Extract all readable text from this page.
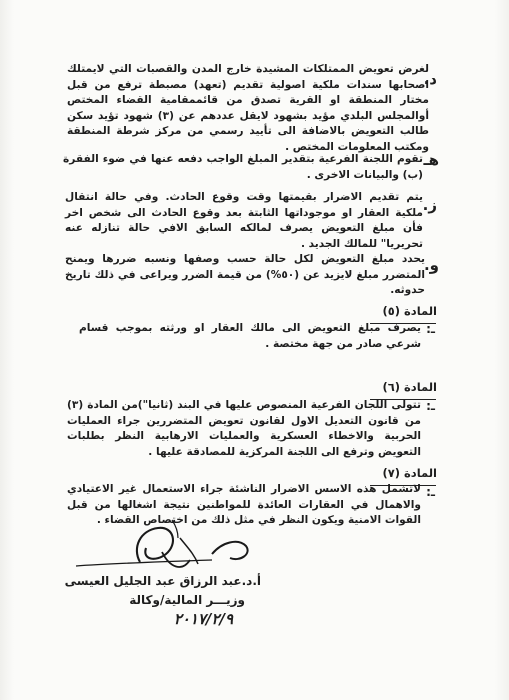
د.
لغرض تعويض الممتلكات المشيدة خارج المدن والقصبات التي لايمتلك اصحابها سندات ملكية اصولية تقديم (تعهد) مصبطة ترفع من قبل مختار المنطقة او القرية تصدق من قائممقامية القضاء المختص أوالمجلس البلدي مؤيد بشهود لايقل عددهم عن (٣) شهود تؤيد سكن طالب التعويض بالاضافة الى تأييد رسمي من مركز شرطة المنطقة ومكتب المعلومات المختص .
هـ
تقوم اللجنة الفرعية بتقدير المبلغ الواجب دفعه عنها في ضوء الفقرة (ب) والبيانات الاخرى .
ز.
يتم تقديم الاضرار بقيمتها وقت وقوع الحادث. وفي حالة انتقال ملكية العقار او موجوداتها الثابتة بعد وقوع الحادث الى شخص اخر فأن مبلغ التعويض يصرف لمالكه السابق الافي حالة تنازله عنه تحريريا" للمالك الجديد .
و.
يحدد مبلغ التعويض لكل حالة حسب وصفها ونسبه ضررها ويمنح المتضرر مبلغ لايزيد عن (٥٠%) من قيمة الضرر ويراعى في ذلك تاريخ حدوثه.
المادة (٥)
ـ:
يصرف مبلغ التعويض الى مالك العقار او ورثته بموجب قسام شرعي صادر من جهة مختصة .
المادة (٦)
ـ:
تتولى اللجان الفرعية المنصوص عليها في البند (ثانيا")من المادة (٣) من قانون التعديل الاول لقانون تعويض المتضررين جراء العمليات الحربية والاخطاء العسكرية والعمليات الارهابية النظر بطلبات التعويض وترفع الى اللجنة المركزية للمصادقة عليها .
المادة (٧)
ـ:
لاتشمل هذه الاسس الاضرار الناشئة جراء الاستعمال غير الاعتيادي والاهمال في العقارات العائدة للمواطنين نتيجة اشغالها من قبل القوات الامنية ويكون النظر في مثل ذلك من اختصاص القضاء .
أ.د.عبد الرزاق عبد الجليل العيسى
وزيـــر المالية/وكالة
٢٠١٧/٢/٩
